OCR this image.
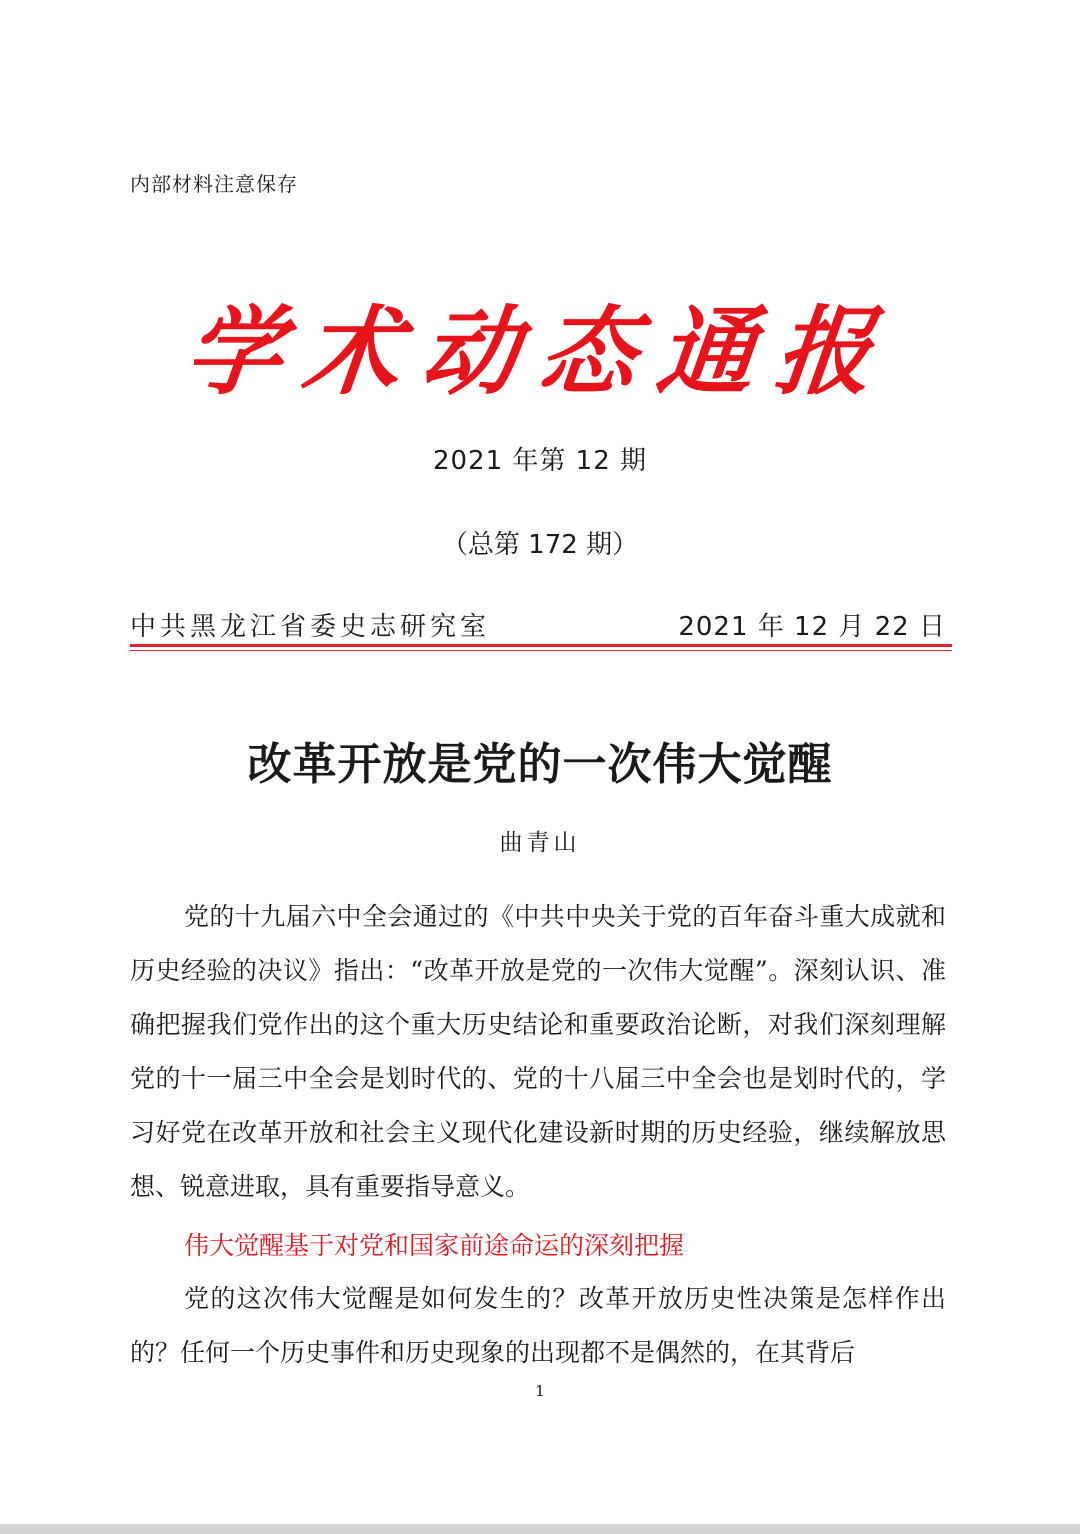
内部材料注意保存
学术动态通报
2021 年第 12 期
（总第 172 期）
中共黑龙江省委史志研究室	2021 年 12 月 22 日
改革开放是党的一次伟大觉醒
曲青山

党的十九届六中全会通过的《中共中央关于党的百年奋斗重大成就和历史经验的决议》指出：“改革开放是党的一次伟大觉醒”。深刻认识、准确把握我们党作出的这个重大历史结论和重要政治论断，对我们深刻理解党的十一届三中全会是划时代的、党的十八届三中全会也是划时代的，学习好党在改革开放和社会主义现代化建设新时期的历史经验，继续解放思想、锐意进取，具有重要指导意义。

伟大觉醒基于对党和国家前途命运的深刻把握

党的这次伟大觉醒是如何发生的？改革开放历史性决策是怎样作出的？任何一个历史事件和历史现象的出现都不是偶然的，在其背后

1
